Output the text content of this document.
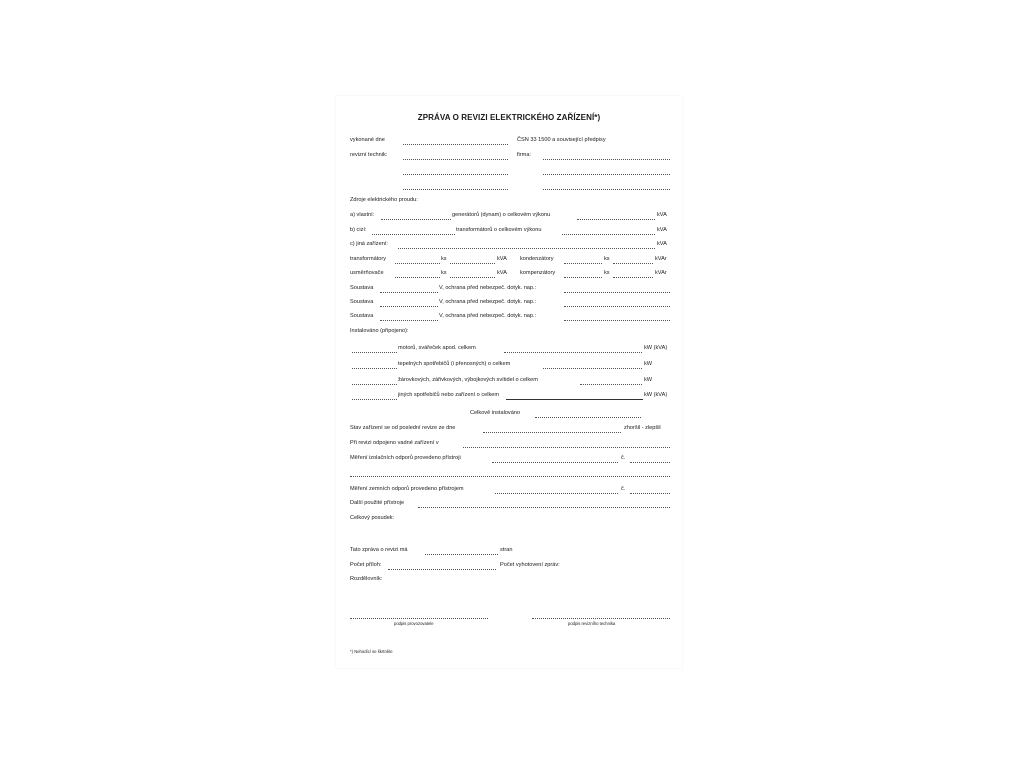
ZPRÁVA O REVIZI ELEKTRICKÉHO ZAŘÍZENÍ*)
vykonané dne	ČSN 33 1500 a související předpisy
revizní technik:	firma:
Zdroje elektrického proudu:
a) vlastní:	generátorů (dynam) o celkovém výkonu	kVA
b) cizí:	transformátorů o celkovém výkonu	kVA
c) jiná zařízení:	kVA
transformátory	ks	kVA kondenzátory	ks	kVAr
usměrňovače	ks	kVA kompenzátory	ks	kVAr
Soustava	V, ochrana před nebezpeč. dotyk. nap.:
Soustava	V, ochrana před nebezpeč. dotyk. nap.:
Soustava	V, ochrana před nebezpeč. dotyk. nap.:
Instalováno (připojeno):
motorů, svářeček apod. celkem	kW (kVA)
tepelných spotřebičů (i přenosných) o celkem	kW
žárovkových, zářivkových, výbojkových svítidel o celkem	kW
jiných spotřebičů nebo zařízení o celkem	kW (kVA)
Celkově instalováno
Stav zařízení se od poslední revize ze dne	zhoršil - zlepšil
Při revizi odpojeno vadné zařízení v
Měření izolačních odporů provedeno přístroji	č.
Měření zemních odporů provedeno přístrojem	č.
Další použité přístroje
Celkový posudek:
Tato zpráva o revizi má	stran
Počet příloh:	Počet vyhotovení zpráv:
Rozdělovník:
podpis provozovatele	podpis revizního technika
*) Nehodící se škrtněte
